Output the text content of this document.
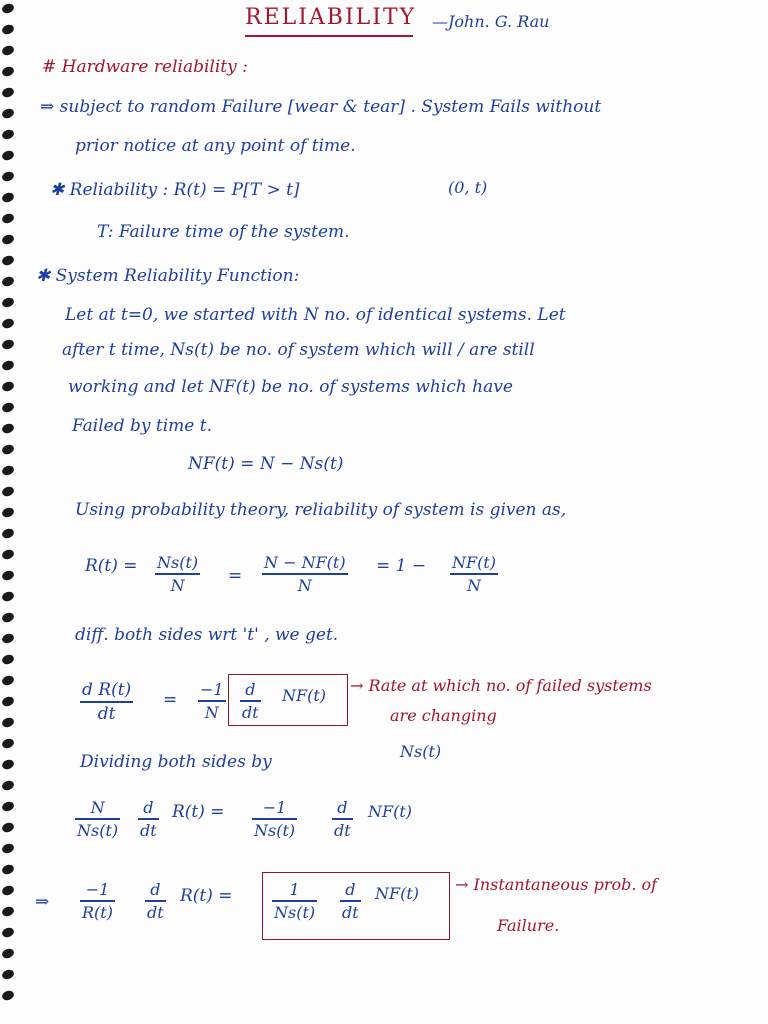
RELIABILITY —John. G. Rau
# Hardware reliability :
⇒ subject to random Failure [wear & tear] . System Fails without
prior notice at any point of time.
✱ Reliability : R(t) = P[T > t]	(0, t)
T: Failure time of the system.
✱ System Reliability Function:
Let at t=0, we started with N no. of identical systems. Let
after t time, Ns(t) be no. of system which will / are still
working and let NF(t) be no. of systems which have
Failed by time t.
NF(t) = N − Ns(t)
Using probability theory, reliability of system is given as,
R(t) = Ns(t)
N	=
N − NF(t)
N
= 1 − NF(t)
N
diff. both sides wrt 't' , we get.
d R(t)
dt
=
−1
N
d
dt
NF(t)
→ Rate at which no. of failed systems
are changing
Dividing both sides by
Ns(t)
N
Ns(t)
d
dt
R(t) = −1
Ns(t)
d
dt
NF(t)
⇒
−1
R(t)
d
dt
R(t) =	1
Ns(t)
d
dt
NF(t) → Instantaneous prob. of
Failure.
